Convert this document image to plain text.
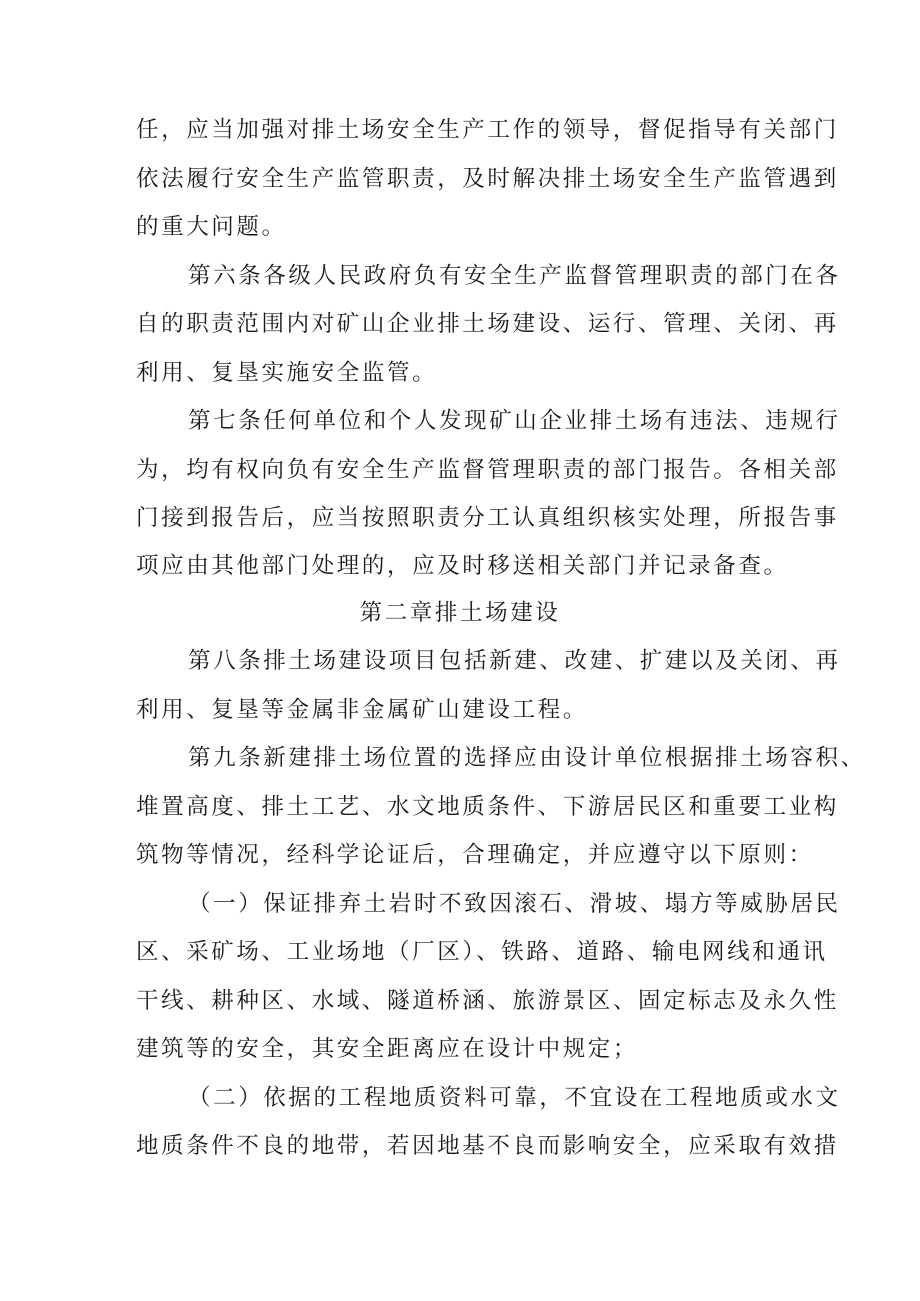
任，应当加强对排土场安全生产工作的领导，督促指导有关部门
依法履行安全生产监管职责，及时解决排土场安全生产监管遇到
的重大问题。
第六条各级人民政府负有安全生产监督管理职责的部门在各
自的职责范围内对矿山企业排土场建设、运行、管理、关闭、再
利用、复垦实施安全监管。
第七条任何单位和个人发现矿山企业排土场有违法、违规行
为，均有权向负有安全生产监督管理职责的部门报告。各相关部
门接到报告后，应当按照职责分工认真组织核实处理，所报告事
项应由其他部门处理的，应及时移送相关部门并记录备查。
第二章排土场建设
第八条排土场建设项目包括新建、改建、扩建以及关闭、再
利用、复垦等金属非金属矿山建设工程。
第九条新建排土场位置的选择应由设计单位根据排土场容积、
堆置高度、排土工艺、水文地质条件、下游居民区和重要工业构
筑物等情况，经科学论证后，合理确定，并应遵守以下原则：
（一）保证排弃土岩时不致因滚石、滑坡、塌方等威胁居民
区、采矿场、工业场地（厂区）、铁路、道路、输电网线和通讯
干线、耕种区、水域、隧道桥涵、旅游景区、固定标志及永久性
建筑等的安全，其安全距离应在设计中规定；
（二）依据的工程地质资料可靠，不宜设在工程地质或水文
地质条件不良的地带，若因地基不良而影响安全，应采取有效措
